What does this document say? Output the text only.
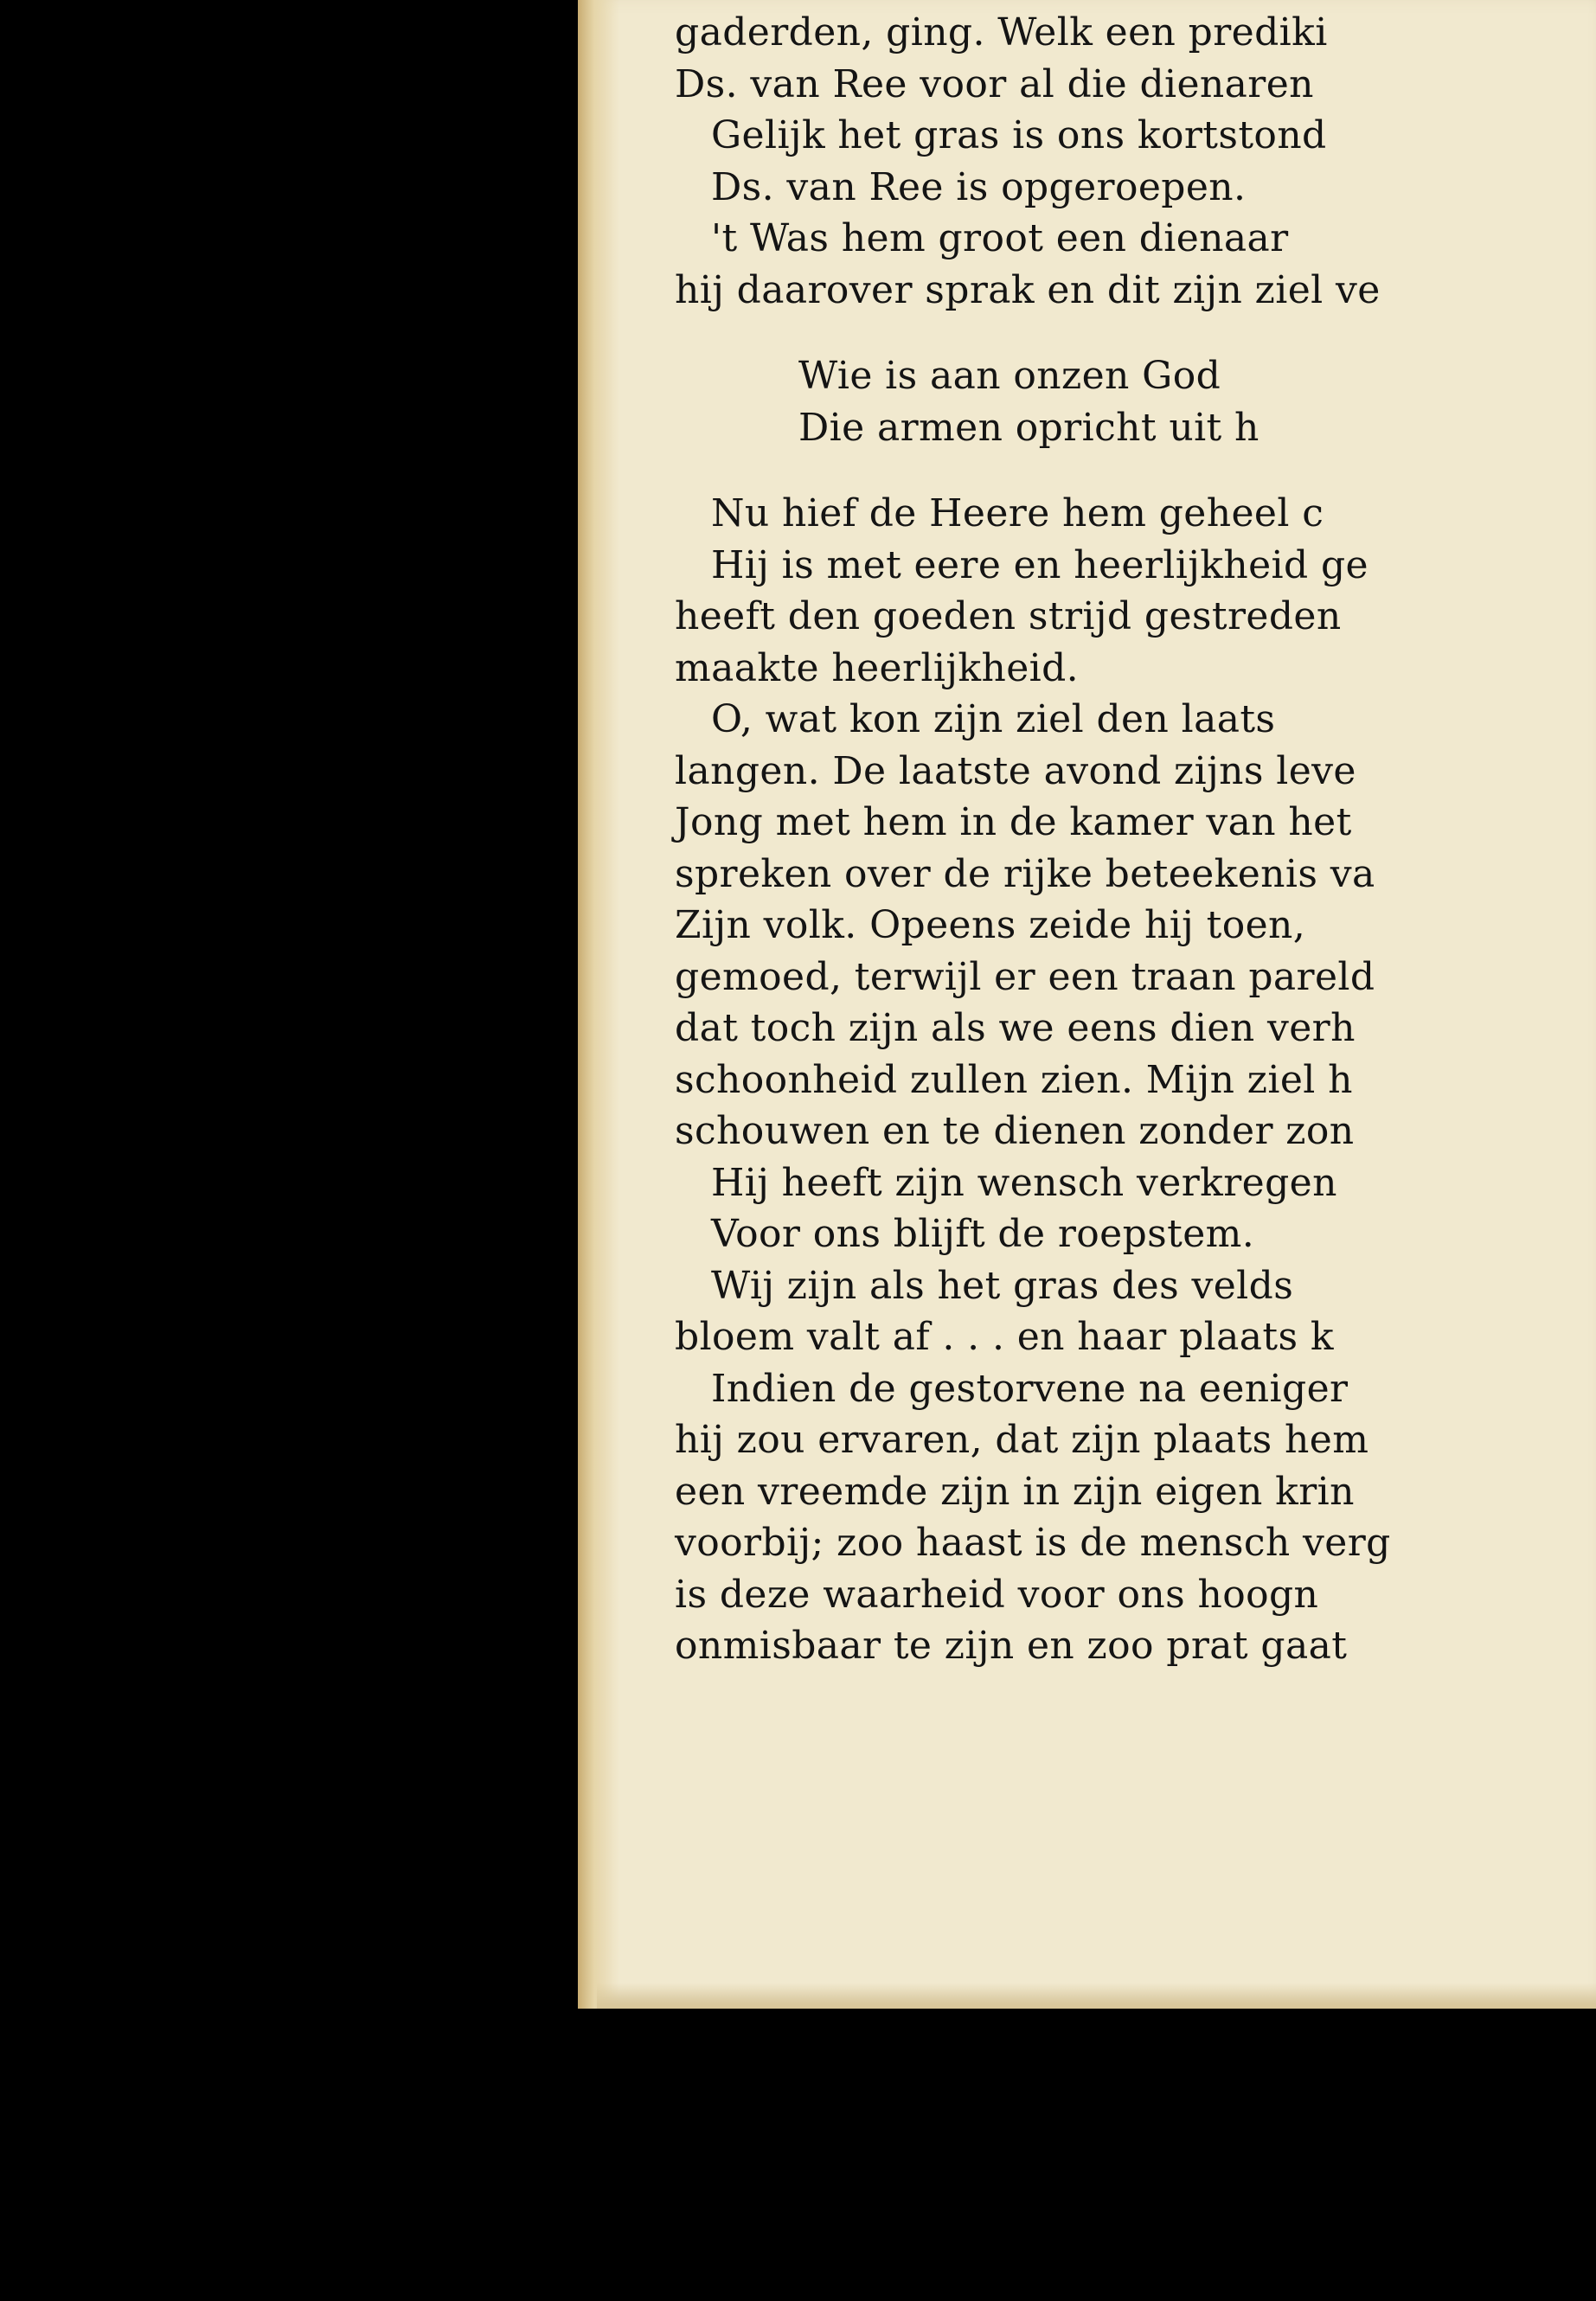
gaderden, ging. Welk een prediki
Ds. van Ree voor al die dienaren
Gelijk het gras is ons kortstond
Ds. van Ree is opgeroepen.
't Was hem groot een dienaar
hij daarover sprak en dit zijn ziel ve
Wie is aan onzen God
Die armen opricht uit h
Nu hief de Heere hem geheel c
Hij is met eere en heerlijkheid ge
heeft den goeden strijd gestreden
maakte heerlijkheid.
O, wat kon zijn ziel den laats
langen. De laatste avond zijns leve
Jong met hem in de kamer van het
spreken over de rijke beteekenis va
Zijn volk. Opeens zeide hij toen,
gemoed, terwijl er een traan pareld
dat toch zijn als we eens dien verh
schoonheid zullen zien. Mijn ziel h
schouwen en te dienen zonder zon
Hij heeft zijn wensch verkregen
Voor ons blijft de roepstem.
Wij zijn als het gras des velds
bloem valt af . . . en haar plaats k
Indien de gestorvene na eeniger
hij zou ervaren, dat zijn plaats hem
een vreemde zijn in zijn eigen krin
voorbij; zoo haast is de mensch verg
is deze waarheid voor ons hoogn
onmisbaar te zijn en zoo prat gaat
